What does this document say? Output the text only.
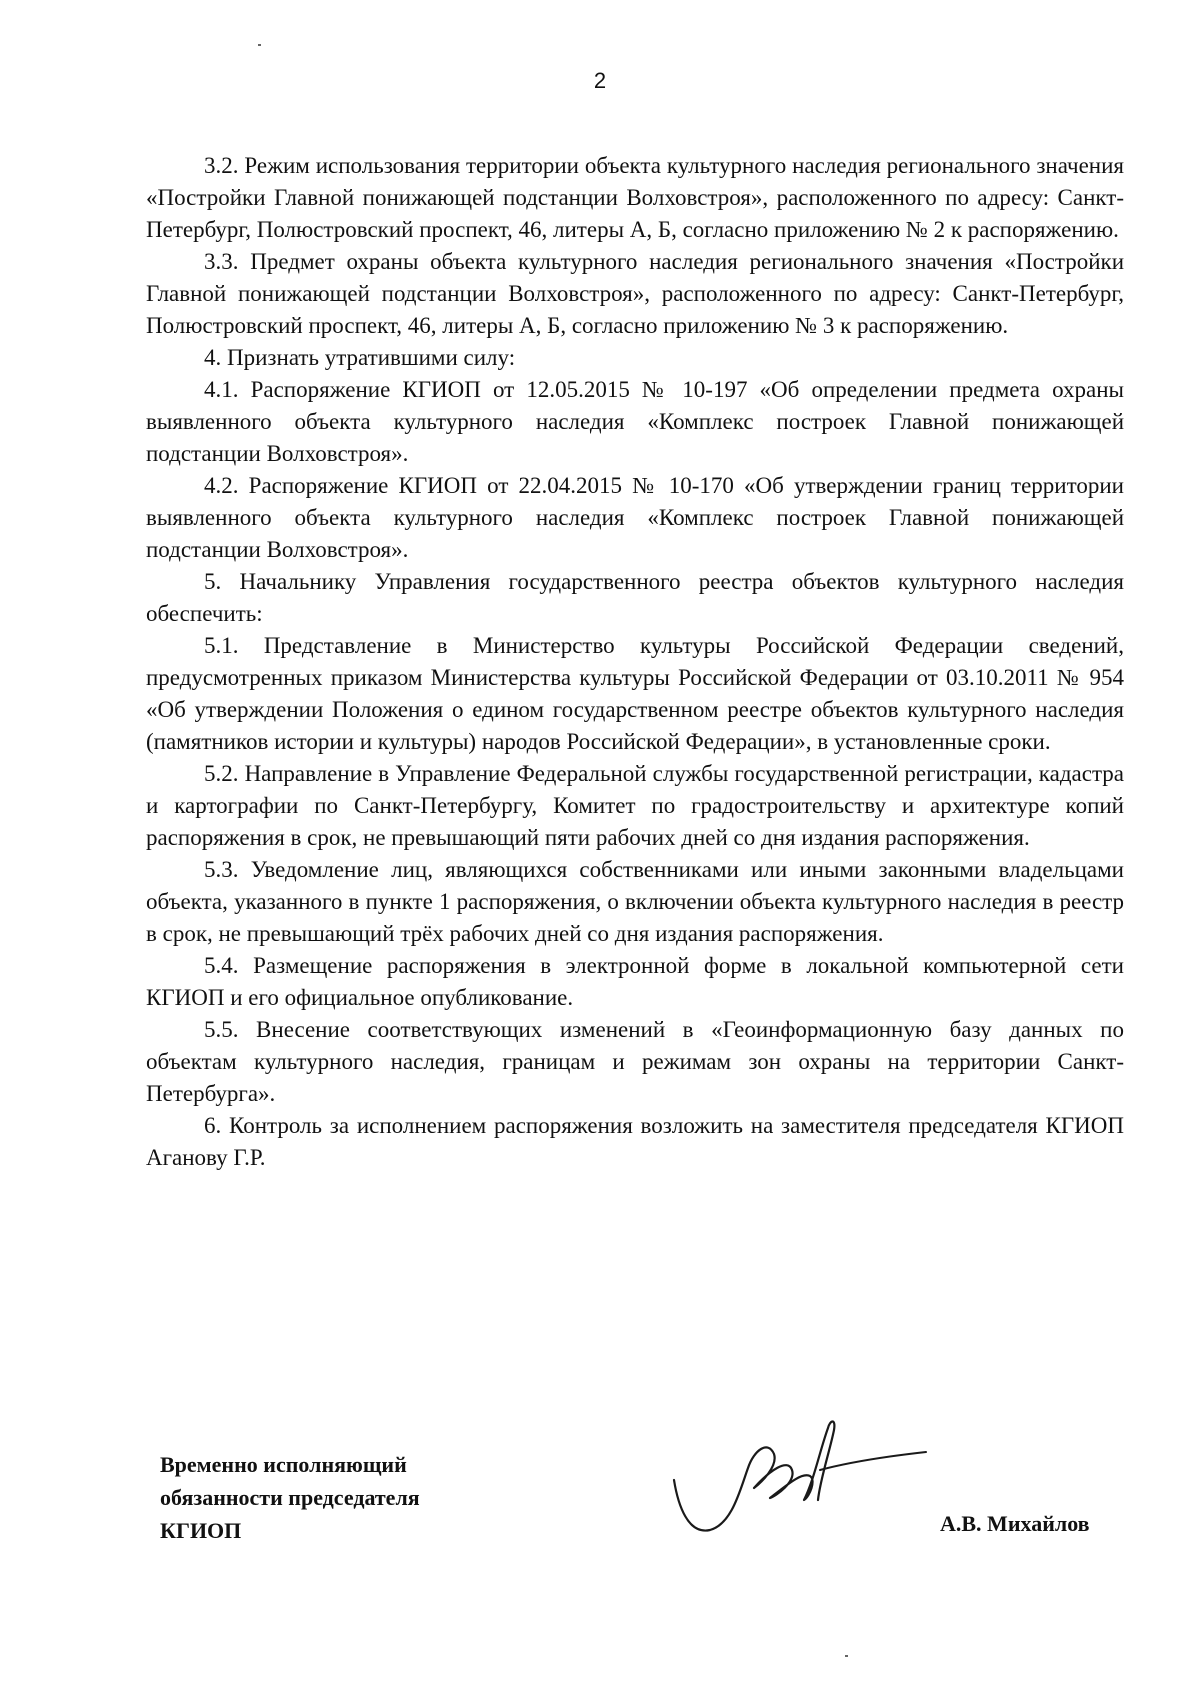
2

3.2. Режим использования территории объекта культурного наследия регионального значения «Постройки Главной понижающей подстанции Волховстроя», расположенного по адресу: Санкт-Петербург, Полюстровский проспект, 46, литеры А, Б, согласно приложению № 2 к распоряжению.

3.3. Предмет охраны объекта культурного наследия регионального значения «Постройки Главной понижающей подстанции Волховстроя», расположенного по адресу: Санкт-Петербург, Полюстровский проспект, 46, литеры А, Б, согласно приложению № 3 к распоряжению.

4. Признать утратившими силу:

4.1. Распоряжение КГИОП от 12.05.2015 № 10-197 «Об определении предмета охраны выявленного объекта культурного наследия «Комплекс построек Главной понижающей подстанции Волховстроя».

4.2. Распоряжение КГИОП от 22.04.2015 № 10-170 «Об утверждении границ территории выявленного объекта культурного наследия «Комплекс построек Главной понижающей подстанции Волховстроя».

5. Начальнику Управления государственного реестра объектов культурного наследия обеспечить:

5.1. Представление в Министерство культуры Российской Федерации сведений, предусмотренных приказом Министерства культуры Российской Федерации от 03.10.2011 № 954 «Об утверждении Положения о едином государственном реестре объектов культурного наследия (памятников истории и культуры) народов Российской Федерации», в установленные сроки.

5.2. Направление в Управление Федеральной службы государственной регистрации, кадастра и картографии по Санкт-Петербургу, Комитет по градостроительству и архитектуре копий распоряжения в срок, не превышающий пяти рабочих дней со дня издания распоряжения.

5.3. Уведомление лиц, являющихся собственниками или иными законными владельцами объекта, указанного в пункте 1 распоряжения, о включении объекта культурного наследия в реестр в срок, не превышающий трёх рабочих дней со дня издания распоряжения.

5.4. Размещение распоряжения в электронной форме в локальной компьютерной сети КГИОП и его официальное опубликование.

5.5. Внесение соответствующих изменений в «Геоинформационную базу данных по объектам культурного наследия, границам и режимам зон охраны на территории Санкт-Петербурга».

6. Контроль за исполнением распоряжения возложить на заместителя председателя КГИОП Аганову Г.Р.

Временно исполняющий
обязанности председателя
КГИОП	А.В. Михайлов
